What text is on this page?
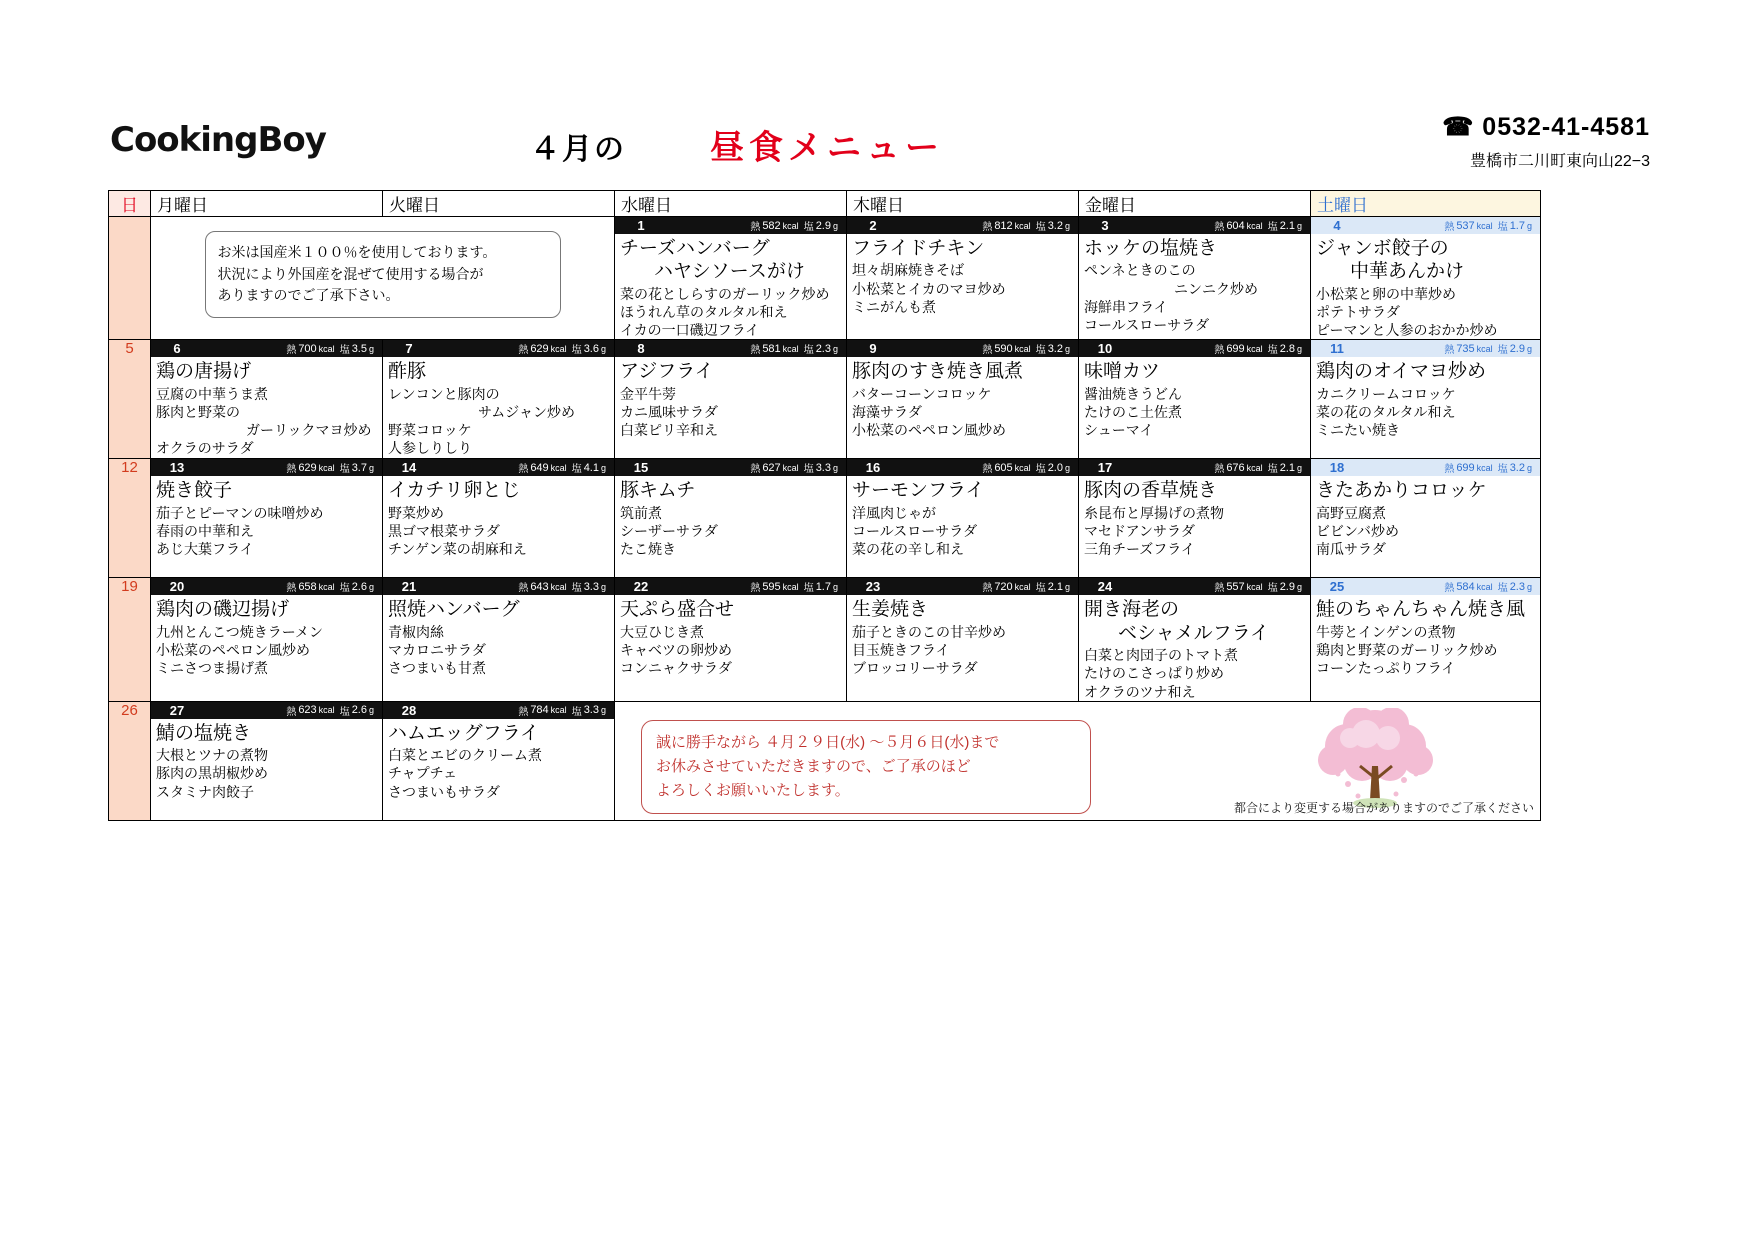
CookingBoy	４月の 昼食メニュー
☎ 0532-41-4581
豊橋市二川町東向山22−3
日	月曜日	火曜日	水曜日	木曜日	金曜日	土曜日

お米は国産米１００％を使用しております。
状況により外国産を混ぜて使用する場合が
ありますのでご了承下さい。

1	熱 582 kcal 塩 2.9 g
チーズハンバーグ
ハヤシソースがけ
菜の花としらすのガーリック炒め
ほうれん草のタルタル和え
イカの一口磯辺フライ

2	熱 812 kcal 塩 3.2 g
フライドチキン
坦々胡麻焼きそば
小松菜とイカのマヨ炒め
ミニがんも煮

3	熱 604 kcal 塩 2.1 g
ホッケの塩焼き
ペンネときのこの
ニンニク炒め
海鮮串フライ
コールスローサラダ

4	熱 537 kcal 塩 1.7 g
ジャンボ餃子の
中華あんかけ
小松菜と卵の中華炒め
ポテトサラダ
ピーマンと人参のおかか炒め

5	6	熱 700 kcal 塩 3.5 g
鶏の唐揚げ
豆腐の中華うま煮
豚肉と野菜の
ガーリックマヨ炒め
オクラのサラダ

7	熱 629 kcal 塩 3.6 g
酢豚
レンコンと豚肉の
サムジャン炒め
野菜コロッケ
人参しりしり

8	熱 581 kcal 塩 2.3 g
アジフライ
金平牛蒡
カニ風味サラダ
白菜ピリ辛和え

9	熱 590 kcal 塩 3.2 g
豚肉のすき焼き風煮
バターコーンコロッケ
海藻サラダ
小松菜のペペロン風炒め

10	熱 699 kcal 塩 2.8 g
味噌カツ
醤油焼きうどん
たけのこ土佐煮
シューマイ

11	熱 735 kcal 塩 2.9 g
鶏肉のオイマヨ炒め
カニクリームコロッケ
菜の花のタルタル和え
ミニたい焼き

12	13	熱 629 kcal 塩 3.7 g
焼き餃子
茄子とピーマンの味噌炒め
春雨の中華和え
あじ大葉フライ

14	熱 649 kcal 塩 4.1 g
イカチリ卵とじ
野菜炒め
黒ゴマ根菜サラダ
チンゲン菜の胡麻和え

15	熱 627 kcal 塩 3.3 g
豚キムチ
筑前煮
シーザーサラダ
たこ焼き

16	熱 605 kcal 塩 2.0 g
サーモンフライ
洋風肉じゃが
コールスローサラダ
菜の花の辛し和え

17	熱 676 kcal 塩 2.1 g
豚肉の香草焼き
糸昆布と厚揚げの煮物
マセドアンサラダ
三角チーズフライ

18	熱 699 kcal 塩 3.2 g
きたあかりコロッケ
高野豆腐煮
ビビンバ炒め
南瓜サラダ

19	20	熱 658 kcal 塩 2.6 g
鶏肉の磯辺揚げ
九州とんこつ焼きラーメン
小松菜のペペロン風炒め
ミニさつま揚げ煮

21	熱 643 kcal 塩 3.3 g
照焼ハンバーグ
青椒肉絲
マカロニサラダ
さつまいも甘煮

22	熱 595 kcal 塩 1.7 g
天ぷら盛合せ
大豆ひじき煮
キャベツの卵炒め
コンニャクサラダ

23	熱 720 kcal 塩 2.1 g
生姜焼き
茄子ときのこの甘辛炒め
目玉焼きフライ
ブロッコリーサラダ

24	熱 557 kcal 塩 2.9 g
開き海老の
ベシャメルフライ
白菜と肉団子のトマト煮
たけのこさっぱり炒め
オクラのツナ和え

25	熱 584 kcal 塩 2.3 g
鮭のちゃんちゃん焼き風
牛蒡とインゲンの煮物
鶏肉と野菜のガーリック炒め
コーンたっぷりフライ

26	27	熱 623 kcal 塩 2.6 g
鯖の塩焼き
大根とツナの煮物
豚肉の黒胡椒炒め
スタミナ肉餃子

28	熱 784 kcal 塩 3.3 g
ハムエッグフライ
白菜とエビのクリーム煮
チャプチェ
さつまいもサラダ

誠に勝手ながら ４月２９日(水) 〜５月６日(水)まで
お休みさせていただきますので、ご了承のほど
よろしくお願いいたします。
都合により変更する場合がありますのでご了承ください
